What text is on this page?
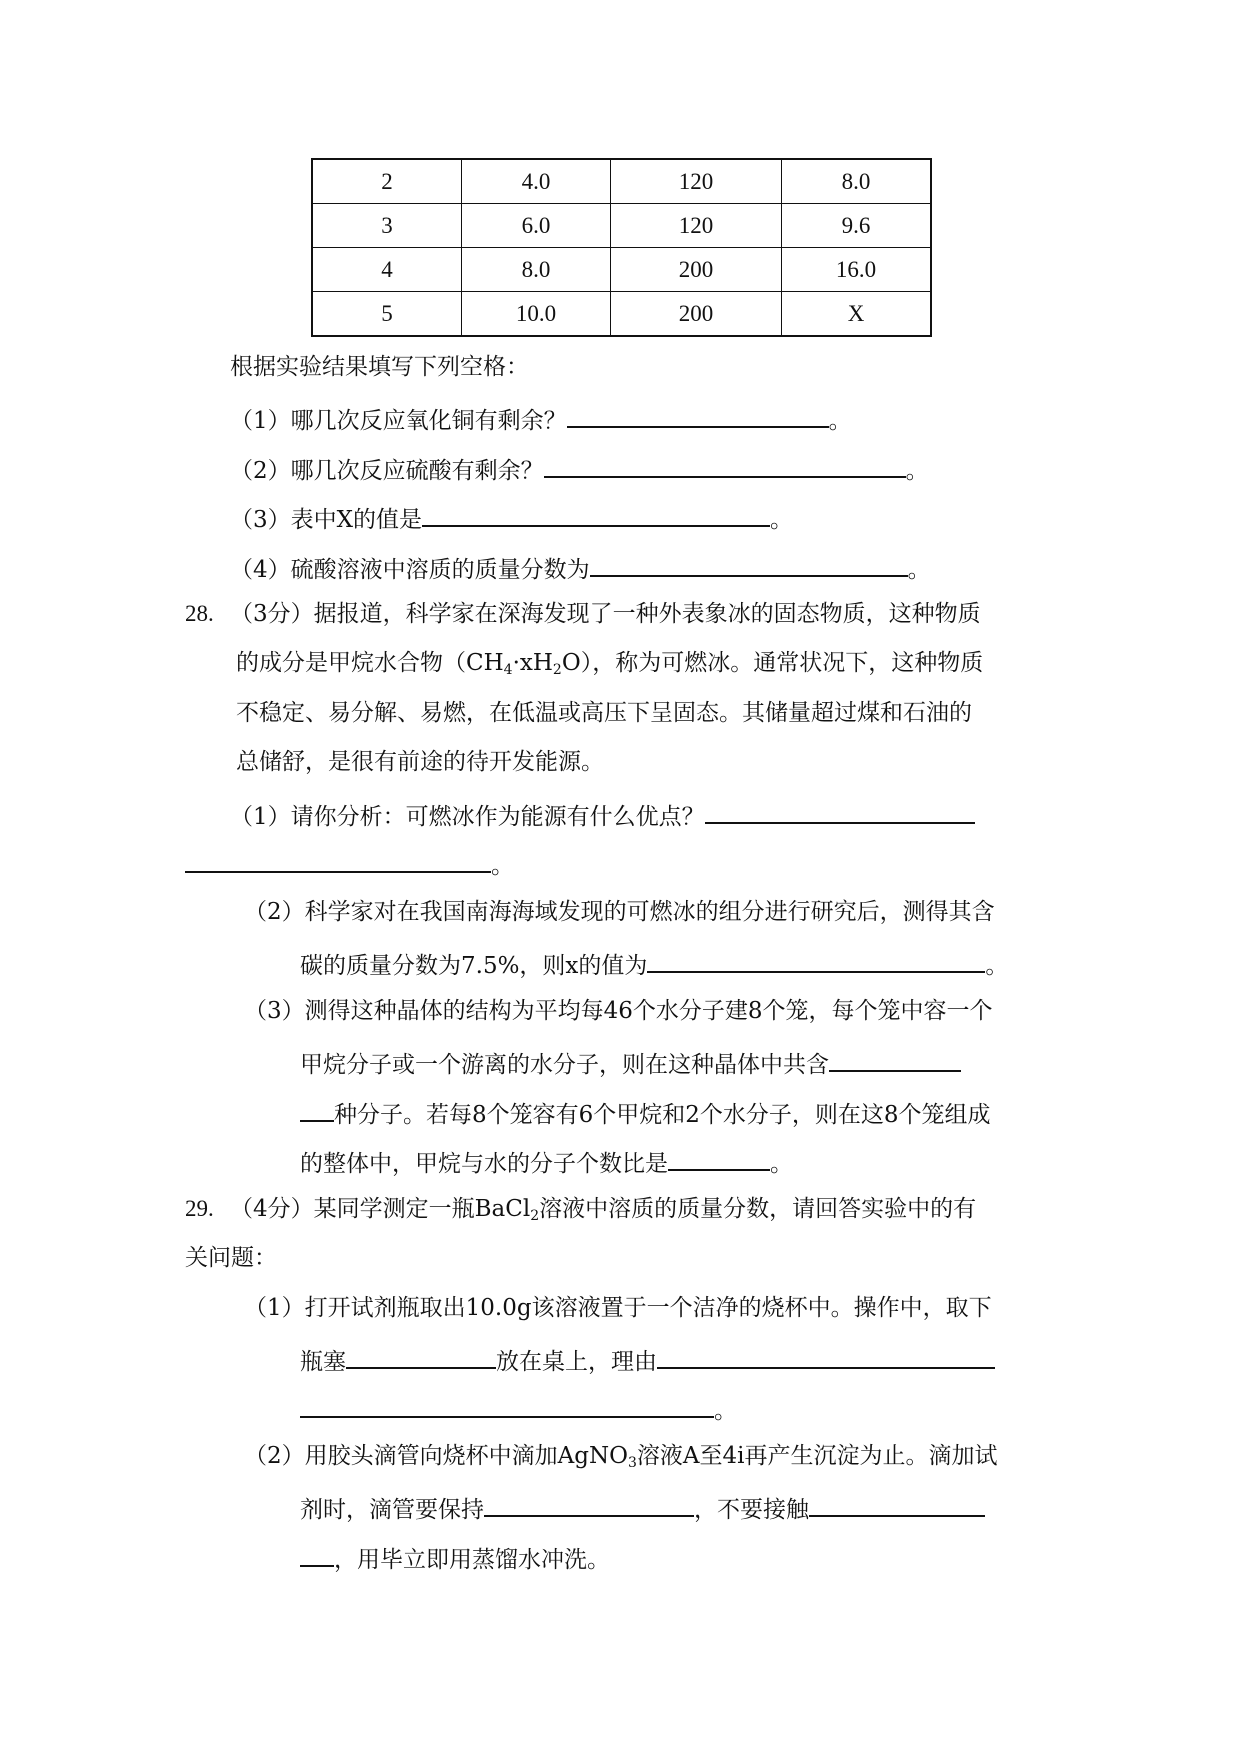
2	4.0	120	8.0
3	6.0	120	9.6
4	8.0	200	16.0
5	10.0	200	X
根据实验结果填写下列空格：
（1）哪几次反应氧化铜有剩余？	。
（2）哪几次反应硫酸有剩余？	。
（3）表中X的值是	。
（4）硫酸溶液中溶质的质量分数为	。
28. （3分）据报道，科学家在深海发现了一种外表象冰的固态物质，这种物质
的成分是甲烷水合物$(CH_4\cdot xH_2O)$，称为可燃冰。通常状况下，这种物质
不稳定、易分解、易燃，在低温或高压下呈固态。其储量超过煤和石油的
总储舒，是很有前途的待开发能源。
（1）请你分析：可燃冰作为能源有什么优点？
。
（2）科学家对在我国南海海域发现的可燃冰的组分进行研究后，测得其含
碳的质量分数为7.5%，则x的值为	。
（3）测得这种晶体的结构为平均每46个水分子建8个笼，每个笼中容一个
甲烷分子或一个游离的水分子，则在这种晶体中共含
种分子。若每8个笼容有6个甲烷和2个水分子，则在这8个笼组成
的整体中，甲烷与水的分子个数比是	。
29. （4分）某同学测定一瓶BaCl$_2$溶液中溶质的质量分数，请回答实验中的有
关问题：
（1）打开试剂瓶取出10.0g该溶液置于一个洁净的烧杯中。操作中，取下
瓶塞	放在桌上，理由
。
（2）用胶头滴管向烧杯中滴加AgNO$_3$溶液A至4i再产生沉淀为止。滴加试
剂时，滴管要保持	，不要接触
，用毕立即用蒸馏水冲洗。
